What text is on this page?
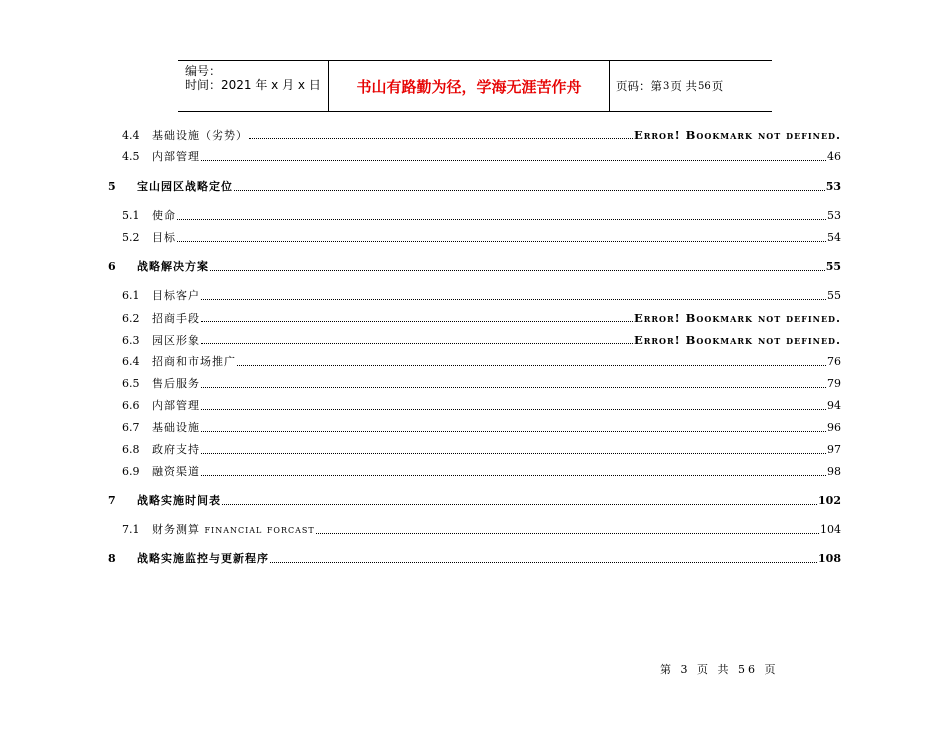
编号：
时间：2021 年 x 月 x 日	书山有路勤为径，学海无涯苦作舟	页码：第 3 页 共 56 页
4.4	基础设施（劣势）	Error! Bookmark not defined.
4.5	内部管理	46
5	宝山园区战略定位	53
5.1	使命	53
5.2	目标	54
6	战略解决方案	55
6.1	目标客户	55
6.2	招商手段	Error! Bookmark not defined.
6.3	园区形象	Error! Bookmark not defined.
6.4	招商和市场推广	76
6.5	售后服务	79
6.6	内部管理	94
6.7	基础设施	96
6.8	政府支持	97
6.9	融资渠道	98
7	战略实施时间表	102
7.1	财务测算 financial forcast	104
8	战略实施监控与更新程序	108
第 3 页 共 56 页
